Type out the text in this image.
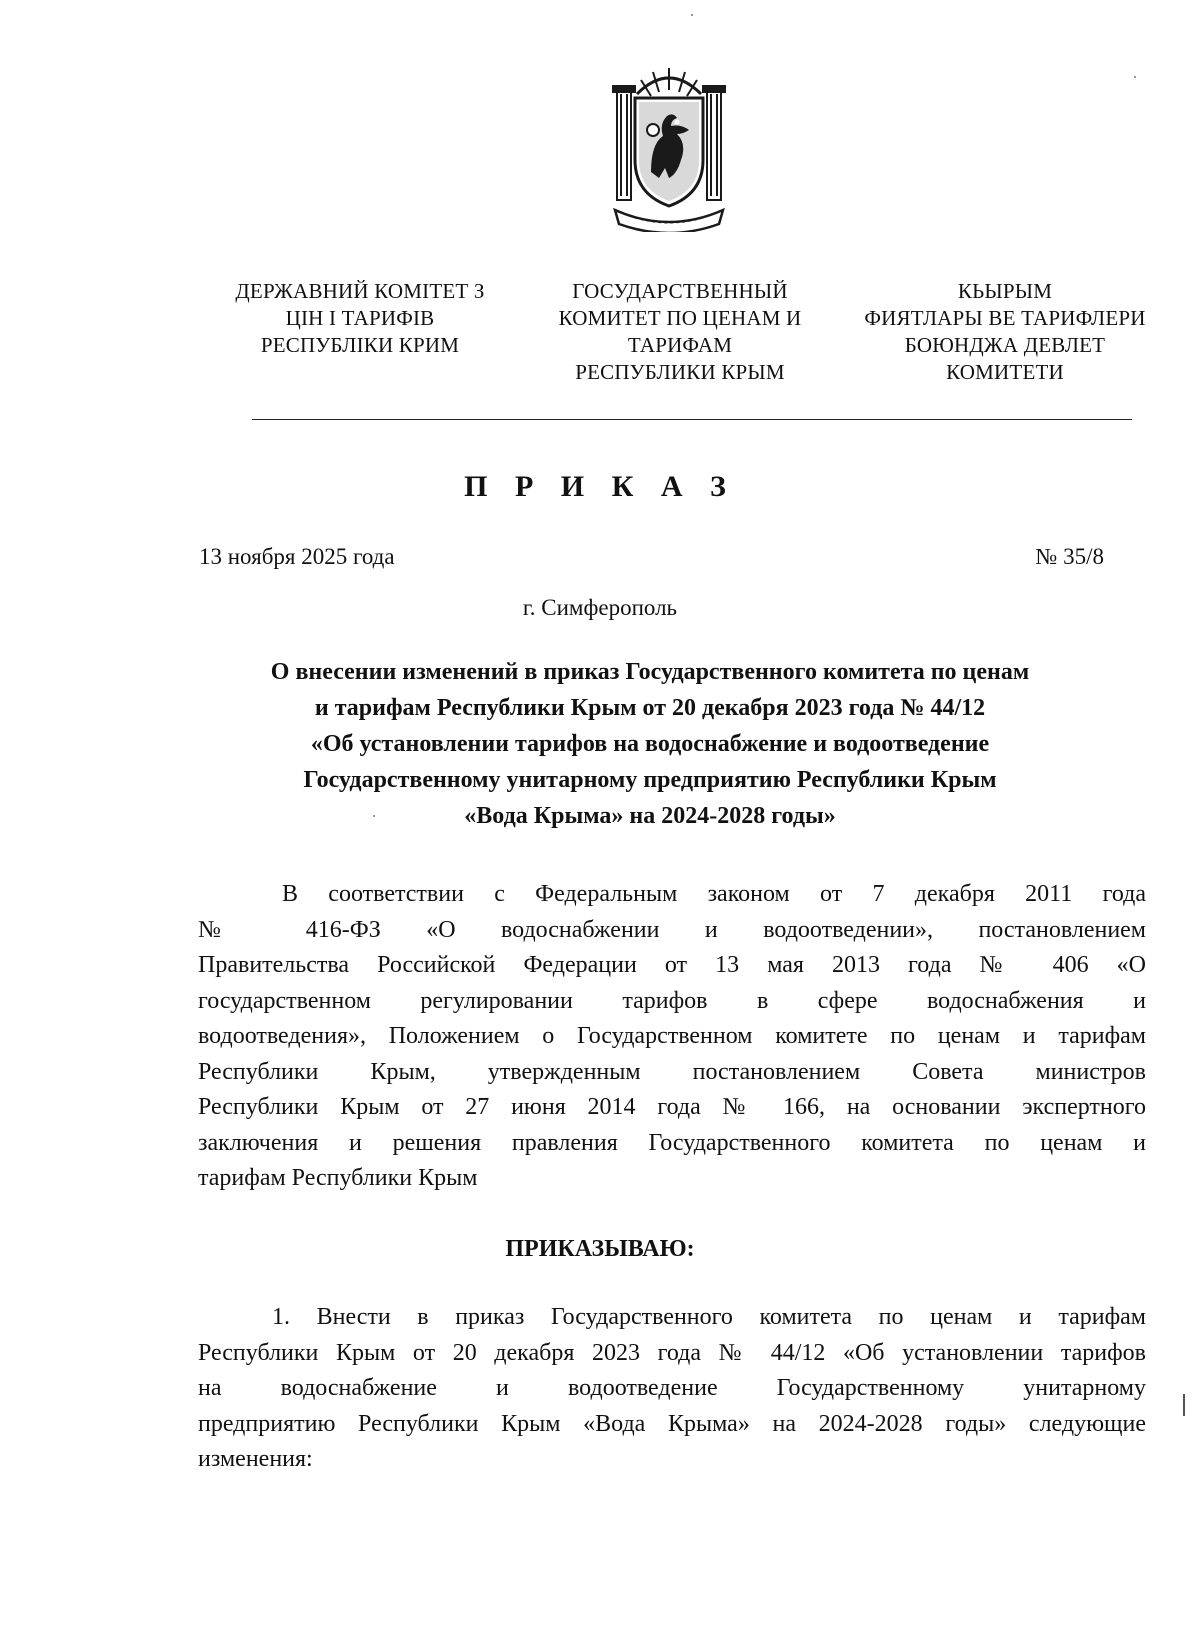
ДЕРЖАВНИЙ КОМІТЕТ З
ЦІН І ТАРИФІВ
РЕСПУБЛІКИ КРИМ
ГОСУДАРСТВЕННЫЙ
КОМИТЕТ ПО ЦЕНАМ И
ТАРИФАМ
РЕСПУБЛИКИ КРЫМ
КЬЫРЫМ
ФИЯТЛАРЫ ВЕ ТАРИФЛЕРИ
БОЮНДЖА ДЕВЛЕТ
КОМИТЕТИ
П Р И К А З
13 ноября 2025 года	№ 35/8
г. Симферополь
О внесении изменений в приказ Государственного комитета по ценам
и тарифам Республики Крым от 20 декабря 2023 года № 44/12
«Об установлении тарифов на водоснабжение и водоотведение
Государственному унитарному предприятию Республики Крым
«Вода Крыма» на 2024-2028 годы»
В соответствии с Федеральным законом от 7 декабря 2011 года
№ 416-ФЗ «О водоснабжении и водоотведении», постановлением
Правительства Российской Федерации от 13 мая 2013 года № 406 «О
государственном регулировании тарифов в сфере водоснабжения и
водоотведения», Положением о Государственном комитете по ценам и тарифам
Республики Крым, утвержденным постановлением Совета министров
Республики Крым от 27 июня 2014 года № 166, на основании экспертного
заключения и решения правления Государственного комитета по ценам и
тарифам Республики Крым
ПРИКАЗЫВАЮ:
1. Внести в приказ Государственного комитета по ценам и тарифам
Республики Крым от 20 декабря 2023 года № 44/12 «Об установлении тарифов
на водоснабжение и водоотведение Государственному унитарному
предприятию Республики Крым «Вода Крыма» на 2024-2028 годы» следующие
изменения:
